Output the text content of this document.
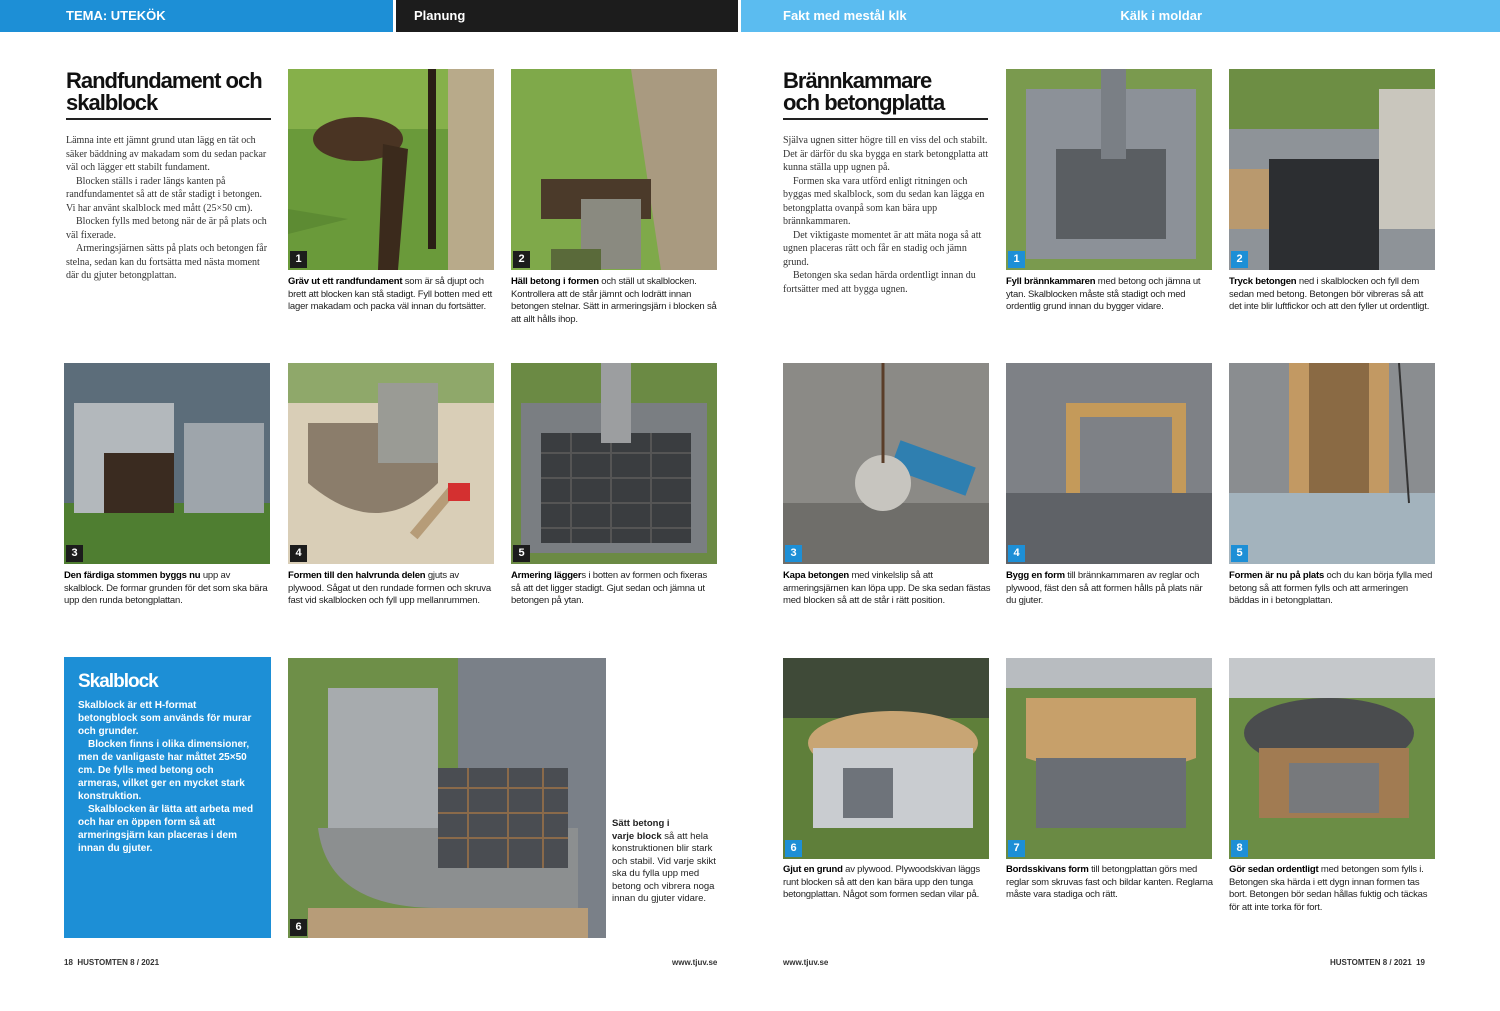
TEMA: UTEKÖK	Planung	Fakt med mestål klk	Kälk i moldar
Randfundament och
skalblock

Lämna inte ett jämnt grund utan lägg en tät och säker bäddning av makadam som du sedan packar väl och lägger ett stabilt fundament.

Blocken ställs i rader längs kanten på randfundamentet så att de står stadigt i betongen. Vi har använt skalblock med mått (25×50 cm).

Blocken fylls med betong när de är på plats och väl fixerade.

Armeringsjärnen sätts på plats och betongen får stelna, sedan kan du fortsätta med nästa moment där du gjuter betongplattan.

1
Gräv ut ett randfundament som är så djupt och brett att blocken kan stå stadigt. Fyll botten med ett lager makadam och packa väl innan du fortsätter.
2
Häll betong i formen och ställ ut skalblocken. Kontrollera att de står jämnt och lodrätt innan betongen stelnar. Sätt in armeringsjärn i blocken så att allt hålls ihop.
3
Den färdiga stommen byggs nu upp av skalblock. De formar grunden för det som ska bära upp den runda betongplattan.
4
Formen till den halvrunda delen gjuts av plywood. Sågat ut den rundade formen och skruva fast vid skalblocken och fyll upp mellanrummen.
5
Armering läggers i botten av formen och fixeras så att det ligger stadigt. Gjut sedan och jämna ut betongen på ytan.
Skalblock

Skalblock är ett H-format betongblock som används för murar och grunder.

Blocken finns i olika dimensioner, men de vanligaste har måttet 25×50 cm. De fylls med betong och armeras, vilket ger en mycket stark konstruktion.

Skalblocken är lätta att arbeta med och har en öppen form så att armeringsjärn kan placeras i dem innan du gjuter.

6
Sätt betong i
varje block så att hela konstruktionen blir stark och stabil. Vid varje skikt ska du fylla upp med betong och vibrera noga innan du gjuter vidare.
Brännkammare
och betongplatta

Själva ugnen sitter högre till en viss del och stabilt. Det är därför du ska bygga en stark betongplatta att kunna ställa upp ugnen på.

Formen ska vara utförd enligt ritningen och byggas med skalblock, som du sedan kan lägga en betongplatta ovanpå som kan bära upp brännkammaren.

Det viktigaste momentet är att mäta noga så att ugnen placeras rätt och får en stadig och jämn grund.

Betongen ska sedan härda ordentligt innan du fortsätter med att bygga ugnen.

1
Fyll brännkammaren med betong och jämna ut ytan. Skalblocken måste stå stadigt och med ordentlig grund innan du bygger vidare.
2
Tryck betongen ned i skalblocken och fyll dem sedan med betong. Betongen bör vibreras så att det inte blir luftfickor och att den fyller ut ordentligt.
3
Kapa betongen med vinkelslip så att armeringsjärnen kan löpa upp. De ska sedan fästas med blocken så att de står i rätt position.
4
Bygg en form till brännkammaren av reglar och plywood, fäst den så att formen hålls på plats när du gjuter.
5
Formen är nu på plats och du kan börja fylla med betong så att formen fylls och att armeringen bäddas in i betongplattan.
6
Gjut en grund av plywood. Plywoodskivan läggs runt blocken så att den kan bära upp den tunga betongplattan. Något som formen sedan vilar på.
7
Bordsskivans form till betongplattan görs med reglar som skruvas fast och bildar kanten. Reglarna måste vara stadiga och rätt.
8
Gör sedan ordentligt med betongen som fylls i. Betongen ska härda i ett dygn innan formen tas bort. Betongen bör sedan hållas fuktig och täckas för att inte torka för fort.
18 HUSTOMTEN 8 / 2021	www.tjuv.se	www.tjuv.se	HUSTOMTEN 8 / 2021 19
